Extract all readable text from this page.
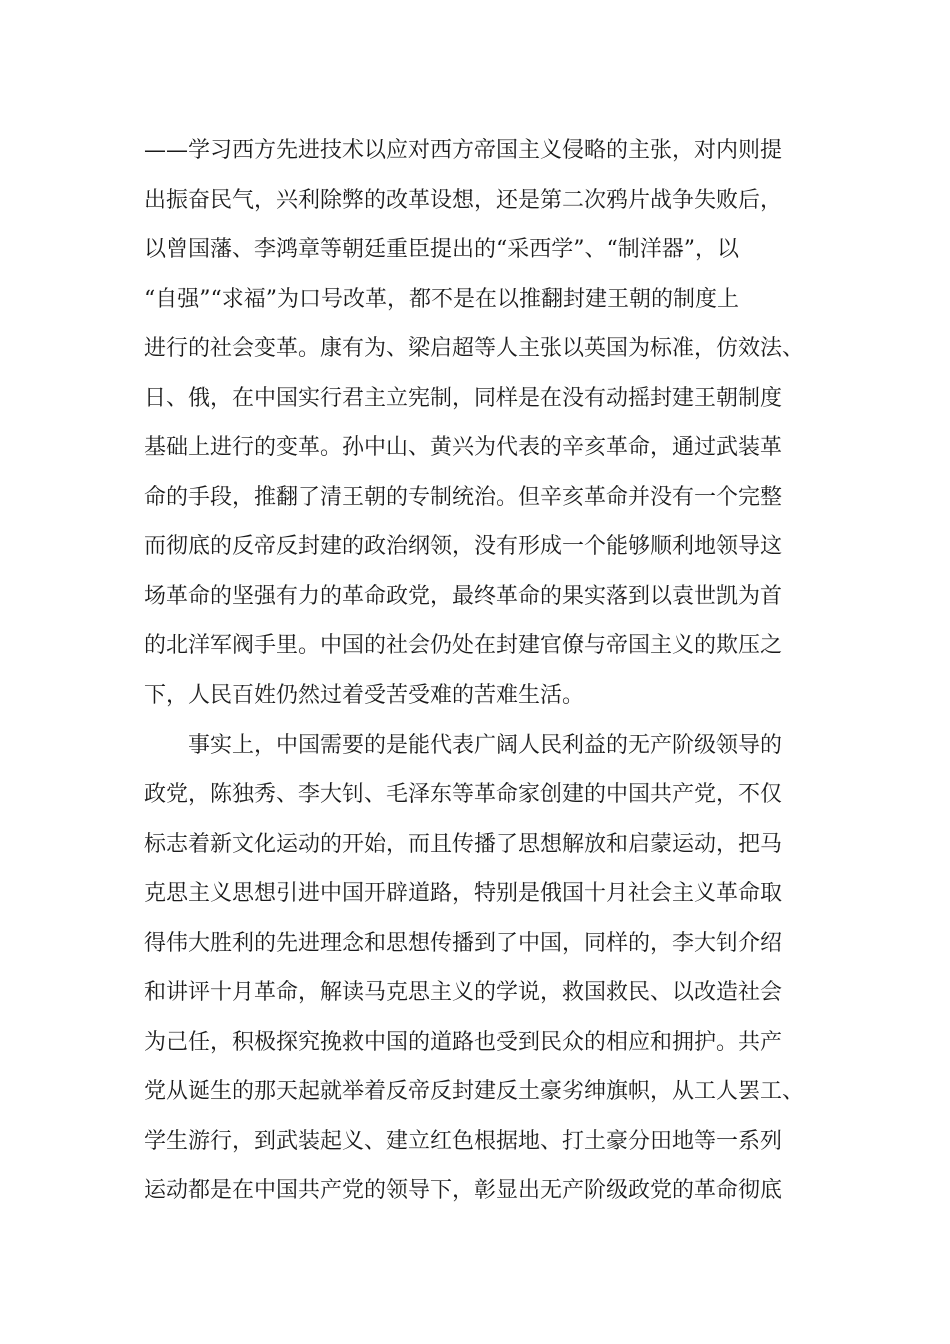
——学习西方先进技术以应对西方帝国主义侵略的主张，对内则提
出振奋民气，兴利除弊的改革设想，还是第二次鸦片战争失败后，
以曾国藩、李鸿章等朝廷重臣提出的“采西学”、“制洋器”，以
“自强”“求福”为口号改革，都不是在以推翻封建王朝的制度上
进行的社会变革。康有为、梁启超等人主张以英国为标准，仿效法、
日、俄，在中国实行君主立宪制，同样是在没有动摇封建王朝制度
基础上进行的变革。孙中山、黄兴为代表的辛亥革命，通过武装革
命的手段，推翻了清王朝的专制统治。但辛亥革命并没有一个完整
而彻底的反帝反封建的政治纲领，没有形成一个能够顺利地领导这
场革命的坚强有力的革命政党，最终革命的果实落到以袁世凯为首
的北洋军阀手里。中国的社会仍处在封建官僚与帝国主义的欺压之
下，人民百姓仍然过着受苦受难的苦难生活。
事实上，中国需要的是能代表广阔人民利益的无产阶级领导的
政党，陈独秀、李大钊、毛泽东等革命家创建的中国共产党，不仅
标志着新文化运动的开始，而且传播了思想解放和启蒙运动，把马
克思主义思想引进中国开辟道路，特别是俄国十月社会主义革命取
得伟大胜利的先进理念和思想传播到了中国，同样的，李大钊介绍
和讲评十月革命，解读马克思主义的学说，救国救民、以改造社会
为己任，积极探究挽救中国的道路也受到民众的相应和拥护。共产
党从诞生的那天起就举着反帝反封建反土豪劣绅旗帜，从工人罢工、
学生游行，到武装起义、建立红色根据地、打土豪分田地等一系列
运动都是在中国共产党的领导下，彰显出无产阶级政党的革命彻底
